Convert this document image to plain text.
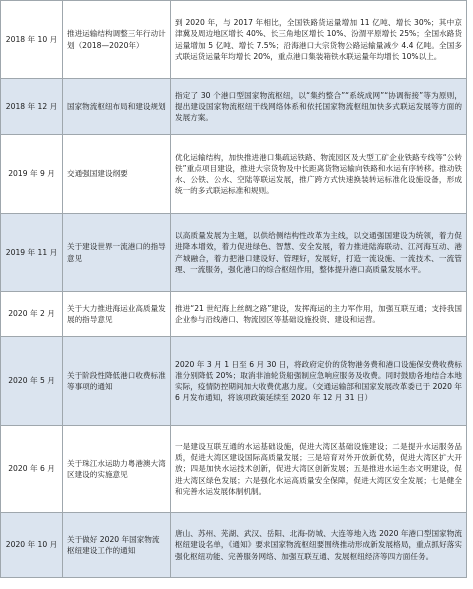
2018 年 10 月	推进运输结构调整三年行动计划（2018—2020年）	到 2020 年，与 2017 年相比，全国铁路货运量增加 11 亿吨、增长 30%；其中京津冀及周边地区增长 40%、长三角地区增长 10%、汾渭平原增长 25%；全国水路货运量增加 5 亿吨、增长 7.5%；沿海港口大宗货物公路运输量减少 4.4 亿吨。全国多式联运货运量年均增长 20%，重点港口集装箱铁水联运量年均增长 10%以上。
2018 年 12 月	国家物流枢纽布局和建设规划	指定了 30 个港口型国家物流枢纽，以“集约整合”“系统成网”“协调衔接”等为原则，提出建设国家物流枢纽干线网络体系和依托国家物流枢纽加快多式联运发展等方面的发展方案。
2019 年 9 月	交通强国建设纲要	优化运输结构，加快推进港口集疏运铁路、物流园区及大型工矿企业铁路专线等“公转铁”重点项目建设，推进大宗货物及中长距离货物运输向铁路和水运有序转移。推动铁水、公铁、公水、空陆等联运发展，推广跨方式快速换装转运标准化设施设备，形成统一的多式联运标准和规则。
2019 年 11 月	关于建设世界一流港口的指导意见	以高质量发展为主题，以供给侧结构性改革为主线，以交通强国建设为统领，着力促进降本增效，着力促进绿色、智慧、安全发展，着力推进陆海联动、江河海互动、港产城融合，着力把港口建设好、管理好，发展好，打造一流设施、一流技术、一流管理、一流服务，强化港口的综合枢纽作用，整体提升港口高质量发展水平。
2020 年 2 月	关于大力推进海运业高质量发展的指导意见	推进“21 世纪海上丝绸之路”建设，发挥海运的主力军作用，加强互联互通；支持我国企业参与沿线港口、物流园区等基础设施投资、建设和运营。
2020 年 5 月	关于阶段性降低港口收费标准等事项的通知	2020 年 3 月 1 日至 6 月 30 日，将政府定价的货物港务费和港口设施保安费收费标准分别降低 20%；取消非油轮货船强制应急响应服务及收费。同时鼓励各地结合本地实际，疫情防控期间加大收费优惠力度。（交通运输部和国家发展改革委已于 2020 年 6 月发布通知，将该项政策延续至 2020 年 12 月 31 日）
2020 年 6 月	关于珠江水运助力粤港澳大湾区建设的实施意见	一是建设互联互通的水运基础设施，促进大湾区基础设施建设；二是提升水运服务品质，促进大湾区建设国际高质量发展；三是培育对外开放新优势，促进大湾区扩大开放；四是加快水运技术创新，促进大湾区创新发展；五是推进水运生态文明建设，促进大湾区绿色发展；六是强化水运高质量安全保障，促进大湾区安全发展；七是健全和完善水运发展体制机制。
2020 年 10 月	关于做好 2020 年国家物流枢纽建设工作的通知	唐山、苏州、芜湖、武汉、岳阳、北海-防城、大连等地入选 2020 年港口型国家物流枢纽建设名单，《通知》要求国家物流枢纽要围绕推动形成新发展格局，重点抓好落实强化枢纽功能、完善服务网络、加强互联互通、发展枢纽经济等四方面任务。
